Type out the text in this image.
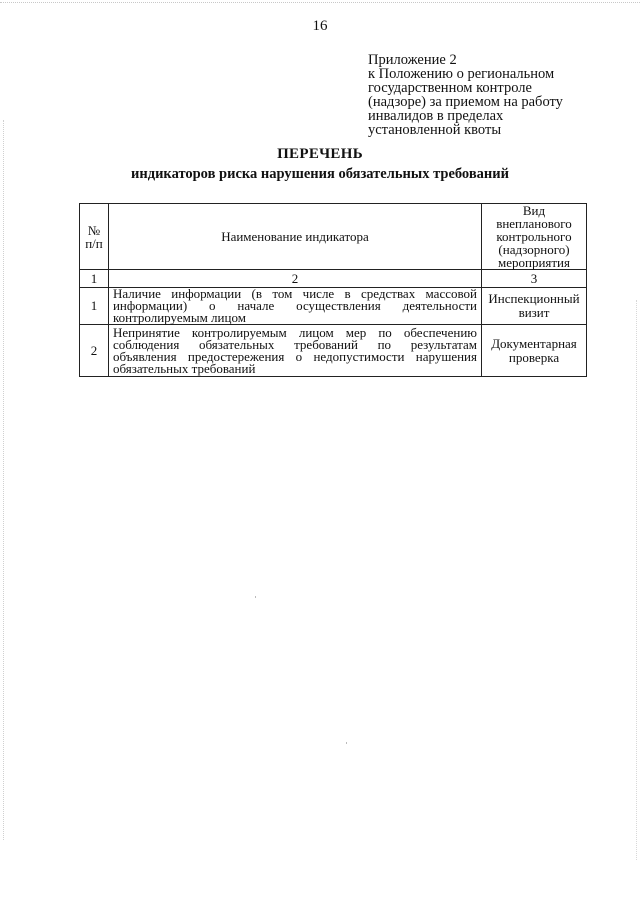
16
Приложение 2
к Положению о региональном
государственном контроле
(надзоре) за приемом на работу
инвалидов в пределах
установленной квоты
ПЕРЕЧЕНЬ
индикаторов риска нарушения обязательных требований
№ п/п	Наименование индикатора	Вид внепланового контрольного (надзорного) мероприятия
1	2	3
1	Наличие информации (в том числе в средствах массовой информации) о начале осуществления деятельности контролируемым лицом	Инспекционный визит
2	Непринятие контролируемым лицом мер по обеспечению соблюдения обязательных требований по результатам объявления предостережения о недопустимости нарушения обязательных требований	Документарная проверка
